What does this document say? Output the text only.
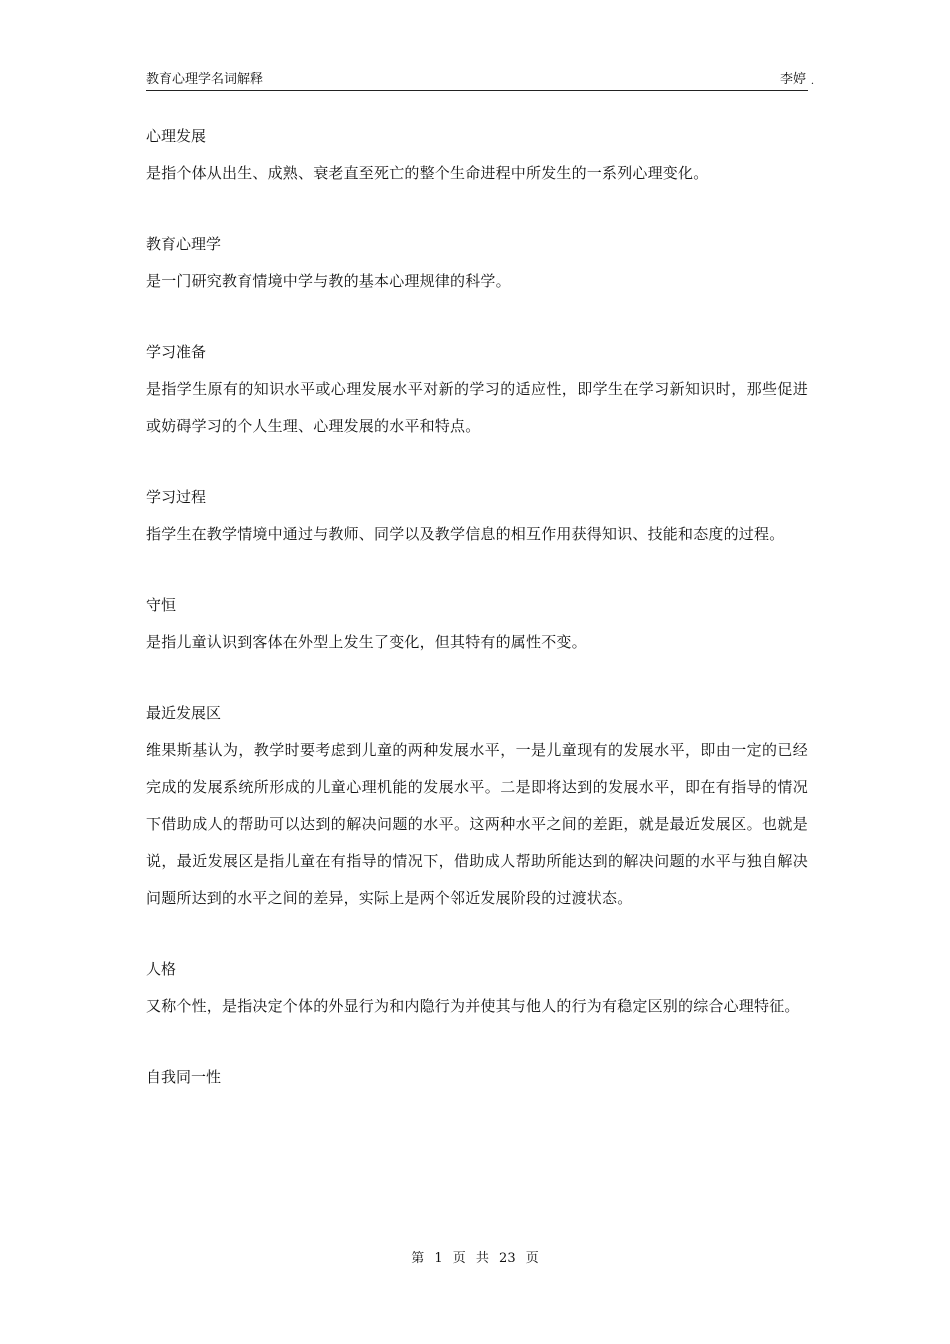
教育心理学名词解释	李婷 .
心理发展
是指个体从出生、成熟、衰老直至死亡的整个生命进程中所发生的一系列心理变化。
教育心理学
是一门研究教育情境中学与教的基本心理规律的科学。
学习准备
是指学生原有的知识水平或心理发展水平对新的学习的适应性，即学生在学习新知识时，那些促进或妨碍学习的个人生理、心理发展的水平和特点。
学习过程
指学生在教学情境中通过与教师、同学以及教学信息的相互作用获得知识、技能和态度的过程。
守恒
是指儿童认识到客体在外型上发生了变化，但其特有的属性不变。
最近发展区
维果斯基认为，教学时要考虑到儿童的两种发展水平，一是儿童现有的发展水平，即由一定的已经完成的发展系统所形成的儿童心理机能的发展水平。二是即将达到的发展水平，即在有指导的情况下借助成人的帮助可以达到的解决问题的水平。这两种水平之间的差距，就是最近发展区。也就是说，最近发展区是指儿童在有指导的情况下，借助成人帮助所能达到的解决问题的水平与独自解决问题所达到的水平之间的差异，实际上是两个邻近发展阶段的过渡状态。
人格
又称个性，是指决定个体的外显行为和内隐行为并使其与他人的行为有稳定区别的综合心理特征。
自我同一性
第 1 页 共 23 页
